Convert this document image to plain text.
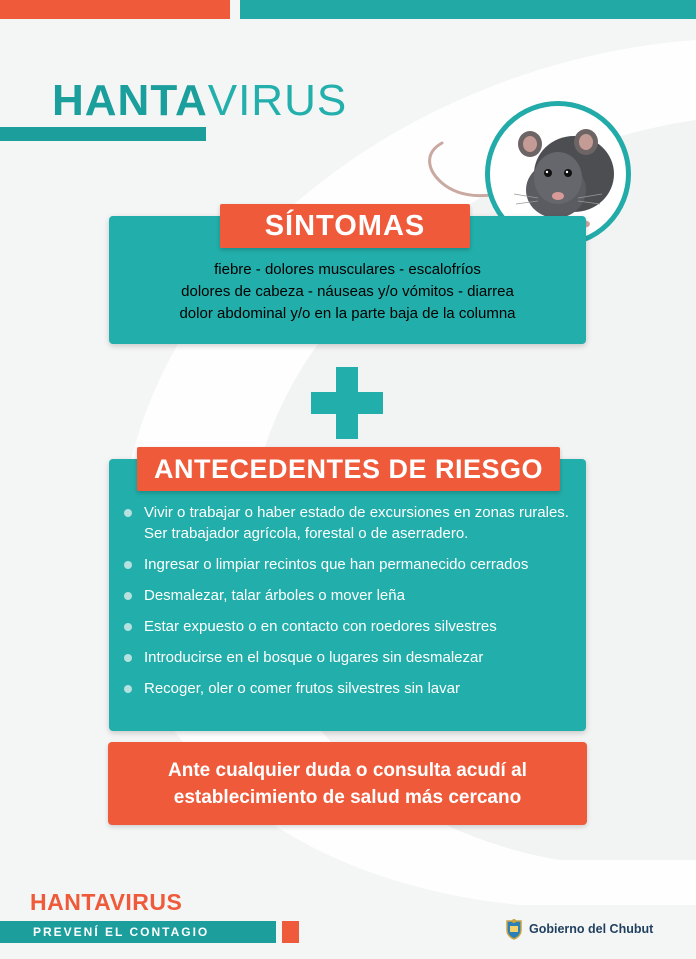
HANTAVIRUS
SÍNTOMAS
fiebre - dolores musculares - escalofríos
dolores de cabeza - náuseas y/o vómitos - diarrea
dolor abdominal y/o en la parte baja de la columna
ANTECEDENTES DE RIESGO
Vivir o trabajar o haber estado de excursiones en zonas rurales. Ser trabajador agrícola, forestal o de aserradero.
Ingresar o limpiar recintos que han permanecido cerrados
Desmalezar, talar árboles o mover leña
Estar expuesto o en contacto con roedores silvestres
Introducirse en el bosque o lugares sin desmalezar
Recoger, oler o comer frutos silvestres sin lavar
Ante cualquier duda o consulta acudí al
establecimiento de salud más cercano
HANTAVIRUS
PREVENÍ EL CONTAGIO	Gobierno del Chubut
